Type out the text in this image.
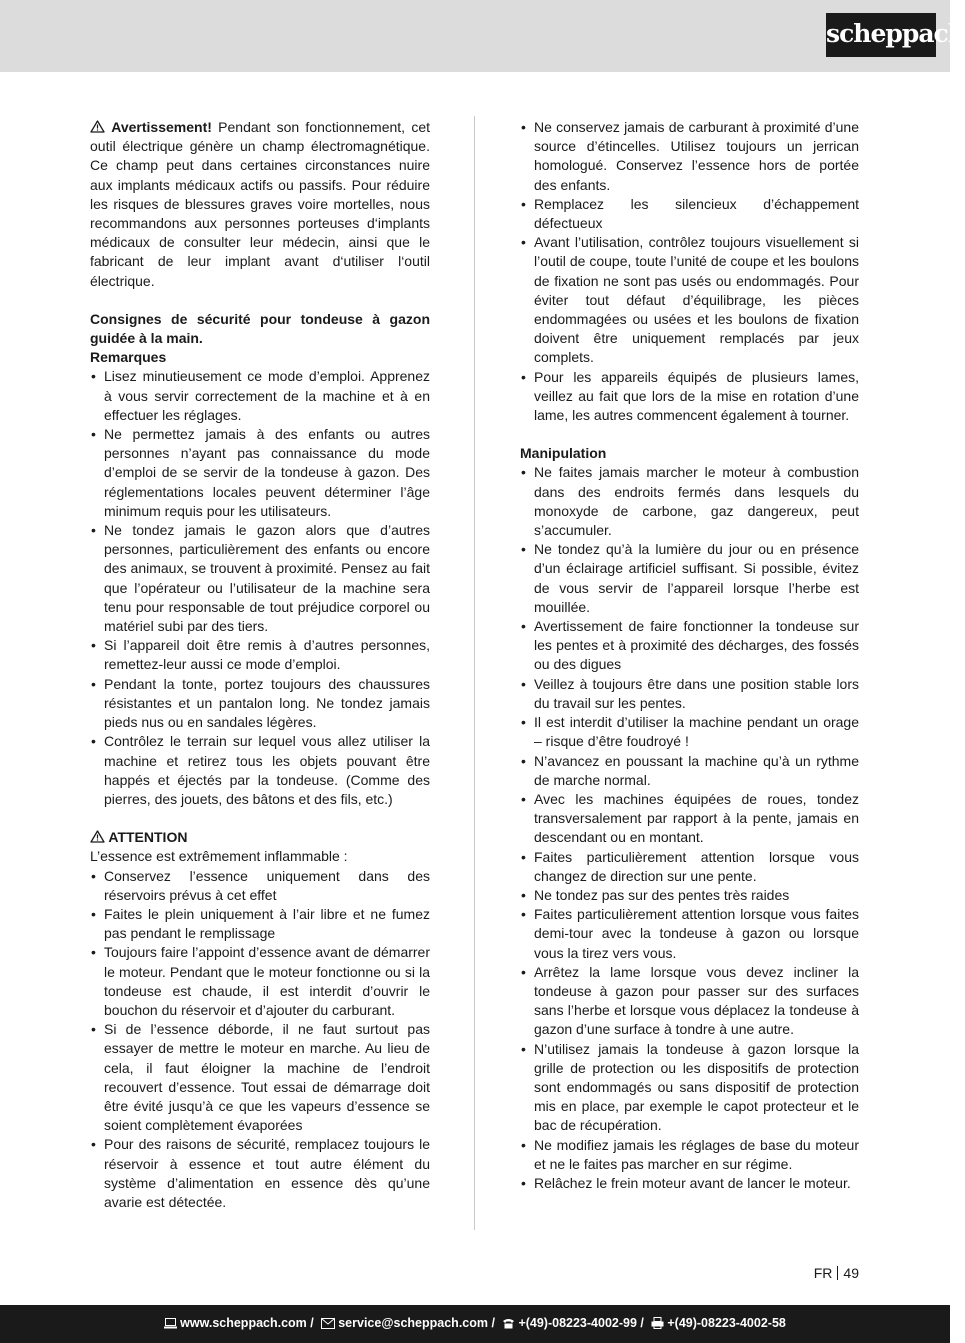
scheppach

Avertissement! Pendant son fonctionnement, cet outil électrique génère un champ électromagnétique. Ce champ peut dans certaines circonstances nuire aux implants médicaux actifs ou passifs. Pour réduire les risques de blessures graves voire mortelles, nous recommandons aux personnes porteuses d‘implants médicaux de consulter leur médecin, ainsi que le fabricant de leur implant avant d‘utiliser l‘outil électrique.

Consignes de sécurité pour tondeuse à gazon guidée à la main.

Remarques

• Lisez minutieusement ce mode d’emploi. Apprenez à vous servir correctement de la machine et à en effectuer les réglages.
• Ne permettez jamais à des enfants ou autres personnes n’ayant pas connaissance du mode d’emploi de se servir de la tondeuse à gazon. Des réglementations locales peuvent déterminer l’âge minimum requis pour les utilisateurs.
• Ne tondez jamais le gazon alors que d’autres personnes, particulièrement des enfants ou encore des animaux, se trouvent à proximité. Pensez au fait que l’opérateur ou l’utilisateur de la machine sera tenu pour responsable de tout préjudice corporel ou matériel subi par des tiers.
• Si l’appareil doit être remis à d’autres personnes, remettez-leur aussi ce mode d’emploi.
• Pendant la tonte, portez toujours des chaussures résistantes et un pantalon long. Ne tondez jamais pieds nus ou en sandales légères.
• Contrôlez le terrain sur lequel vous allez utiliser la machine et retirez tous les objets pouvant être happés et éjectés par la tondeuse. (Comme des pierres, des jouets, des bâtons et des fils, etc.)

ATTENTION

L’essence est extrêmement inflammable :

• Conservez l’essence uniquement dans des réservoirs prévus à cet effet
• Faites le plein uniquement à l’air libre et ne fumez pas pendant le remplissage
• Toujours faire l’appoint d’essence avant de démarrer le moteur. Pendant que le moteur fonctionne ou si la tondeuse est chaude, il est interdit d’ouvrir le bouchon du réservoir et d’ajouter du carburant.
• Si de l’essence déborde, il ne faut surtout pas essayer de mettre le moteur en marche. Au lieu de cela, il faut éloigner la machine de l’endroit recouvert d’essence. Tout essai de démarrage doit être évité jusqu’à ce que les vapeurs d’essence se soient complètement évaporées
• Pour des raisons de sécurité, remplacez toujours le réservoir à essence et tout autre élément du système d’alimentation en essence dès qu’une avarie est détectée.
• Ne conservez jamais de carburant à proximité d’une source d’étincelles. Utilisez toujours un jerrican homologué. Conservez l’essence hors de portée des enfants.
• Remplacez les silencieux d’échappement défectueux
• Avant l’utilisation, contrôlez toujours visuellement si l’outil de coupe, toute l’unité de coupe et les boulons de fixation ne sont pas usés ou endommagés. Pour éviter tout défaut d’équilibrage, les pièces endommagées ou usées et les boulons de fixation doivent être uniquement remplacés par jeux complets.
• Pour les appareils équipés de plusieurs lames, veillez au fait que lors de la mise en rotation d’une lame, les autres commencent également à tourner.

Manipulation

• Ne faites jamais marcher le moteur à combustion dans des endroits fermés dans lesquels du monoxyde de carbone, gaz dangereux, peut s’accumuler.
• Ne tondez qu’à la lumière du jour ou en présence d’un éclairage artificiel suffisant. Si possible, évitez de vous servir de l’appareil lorsque l’herbe est mouillée.
• Avertissement de faire fonctionner la tondeuse sur les pentes et à proximité des décharges, des fossés ou des digues
• Veillez à toujours être dans une position stable lors du travail sur les pentes.
• Il est interdit d’utiliser la machine pendant un orage – risque d’être foudroyé !
• N’avancez en poussant la machine qu’à un rythme de marche normal.
• Avec les machines équipées de roues, tondez transversalement par rapport à la pente, jamais en descendant ou en montant.
• Faites particulièrement attention lorsque vous changez de direction sur une pente.
• Ne tondez pas sur des pentes très raides
• Faites particulièrement attention lorsque vous faites demi-tour avec la tondeuse à gazon ou lorsque vous la tirez vers vous.
• Arrêtez la lame lorsque vous devez incliner la tondeuse à gazon pour passer sur des surfaces sans l’herbe et lorsque vous déplacez la tondeuse à gazon d’une surface à tondre à une autre.
• N’utilisez jamais la tondeuse à gazon lorsque la grille de protection ou les dispositifs de protection sont endommagés ou sans dispositif de protection mis en place, par exemple le capot protecteur et le bac de récupération.
• Ne modifiez jamais les réglages de base du moteur et ne le faites pas marcher en sur régime.
• Relâchez le frein moteur avant de lancer le moteur.
FR 49
www.scheppach.com / service@scheppach.com / +(49)-08223-4002-99 / +(49)-08223-4002-58
